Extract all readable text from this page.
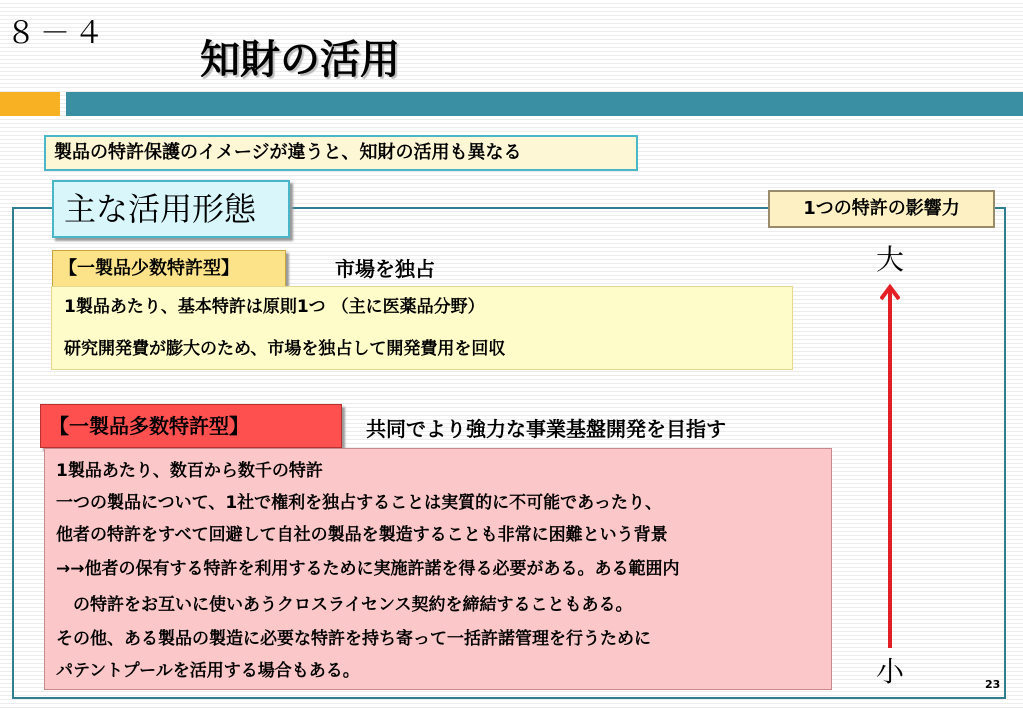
８－４
知財の活用
製品の特許保護のイメージが違うと、知財の活用も異なる
主な活用形態	1つの特許の影響力
【一製品少数特許型】	市場を独占
1製品あたり、基本特許は原則1つ （主に医薬品分野）
研究開発費が膨大のため、市場を独占して開発費用を回収
【一製品多数特許型】	共同でより強力な事業基盤開発を目指す
1製品あたり、数百から数千の特許
一つの製品について、1社で権利を独占することは実質的に不可能であったり、
他者の特許をすべて回避して自社の製品を製造することも非常に困難という背景
→→他者の保有する特許を利用するために実施許諾を得る必要がある。ある範囲内
　の特許をお互いに使いあうクロスライセンス契約を締結することもある。
その他、ある製品の製造に必要な特許を持ち寄って一括許諾管理を行うために
パテントプールを活用する場合もある。
大
小	23
